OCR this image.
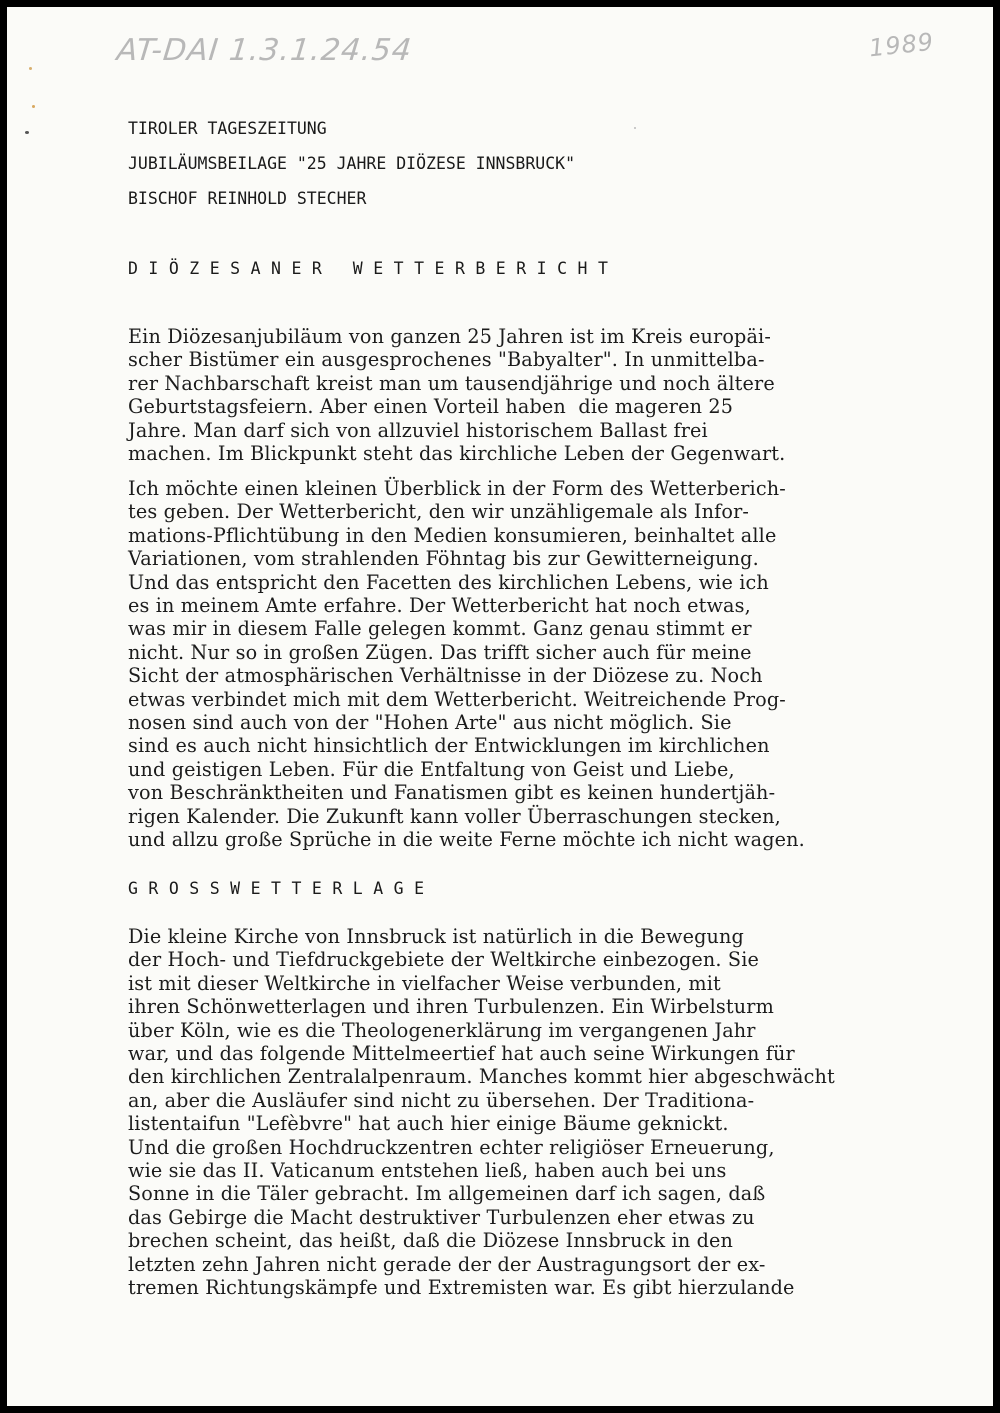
AT-DAI 1.3.1.24.54	1989
TIROLER TAGESZEITUNG
JUBILÄUMSBEILAGE "25 JAHRE DIÖZESE INNSBRUCK"
BISCHOF REINHOLD STECHER
DIÖZESANER WETTERBERICHT
Ein Diözesanjubiläum von ganzen 25 Jahren ist im Kreis europäi-
scher Bistümer ein ausgesprochenes "Babyalter". In unmittelba-
rer Nachbarschaft kreist man um tausendjährige und noch ältere
Geburtstagsfeiern. Aber einen Vorteil haben  die mageren 25
Jahre. Man darf sich von allzuviel historischem Ballast frei
machen. Im Blickpunkt steht das kirchliche Leben der Gegenwart.
Ich möchte einen kleinen Überblick in der Form des Wetterberich-
tes geben. Der Wetterbericht, den wir unzähligemale als Infor-
mations-Pflichtübung in den Medien konsumieren, beinhaltet alle
Variationen, vom strahlenden Föhntag bis zur Gewitterneigung.
Und das entspricht den Facetten des kirchlichen Lebens, wie ich
es in meinem Amte erfahre. Der Wetterbericht hat noch etwas,
was mir in diesem Falle gelegen kommt. Ganz genau stimmt er
nicht. Nur so in großen Zügen. Das trifft sicher auch für meine
Sicht der atmosphärischen Verhältnisse in der Diözese zu. Noch
etwas verbindet mich mit dem Wetterbericht. Weitreichende Prog-
nosen sind auch von der "Hohen Arte" aus nicht möglich. Sie
sind es auch nicht hinsichtlich der Entwicklungen im kirchlichen
und geistigen Leben. Für die Entfaltung von Geist und Liebe,
von Beschränktheiten und Fanatismen gibt es keinen hundertjäh-
rigen Kalender. Die Zukunft kann voller Überraschungen stecken,
und allzu große Sprüche in die weite Ferne möchte ich nicht wagen.
GROSSWETTERLAGE
Die kleine Kirche von Innsbruck ist natürlich in die Bewegung
der Hoch- und Tiefdruckgebiete der Weltkirche einbezogen. Sie
ist mit dieser Weltkirche in vielfacher Weise verbunden, mit
ihren Schönwetterlagen und ihren Turbulenzen. Ein Wirbelsturm
über Köln, wie es die Theologenerklärung im vergangenen Jahr
war, und das folgende Mittelmeertief hat auch seine Wirkungen für
den kirchlichen Zentralalpenraum. Manches kommt hier abgeschwächt
an, aber die Ausläufer sind nicht zu übersehen. Der Traditiona-
listentaifun "Lefèbvre" hat auch hier einige Bäume geknickt.
Und die großen Hochdruckzentren echter religiöser Erneuerung,
wie sie das II. Vaticanum entstehen ließ, haben auch bei uns
Sonne in die Täler gebracht. Im allgemeinen darf ich sagen, daß
das Gebirge die Macht destruktiver Turbulenzen eher etwas zu
brechen scheint, das heißt, daß die Diözese Innsbruck in den
letzten zehn Jahren nicht gerade der der Austragungsort der ex-
tremen Richtungskämpfe und Extremisten war. Es gibt hierzulande
